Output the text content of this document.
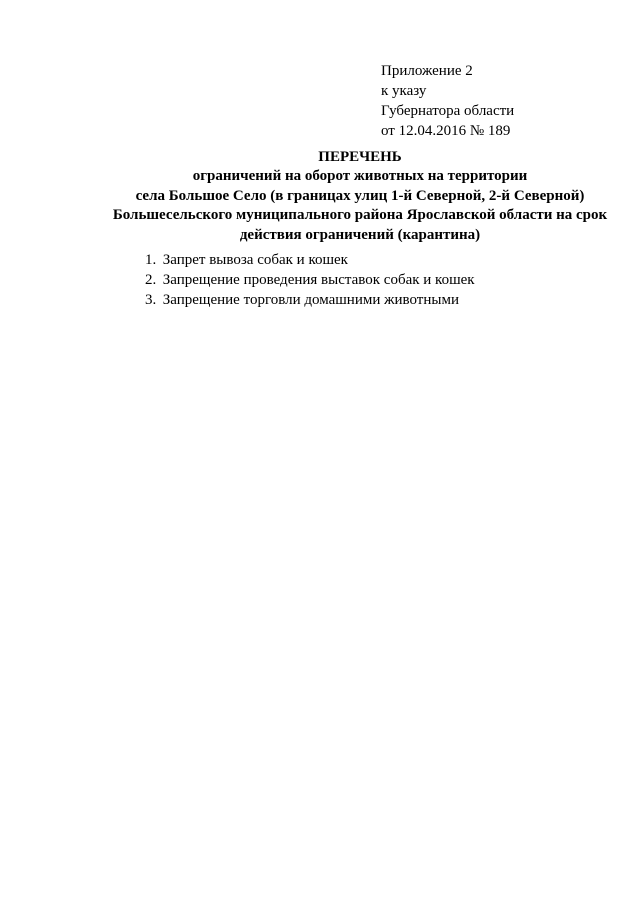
Приложение 2
к указу
Губернатора области
от 12.04.2016 № 189
ПЕРЕЧЕНЬ
ограничений на оборот животных на территории
села Большое Село (в границах улиц 1-й Северной, 2-й Северной)
Большесельского муниципального района Ярославской области на срок
действия ограничений (карантина)
1. Запрет вывоза собак и кошек
2. Запрещение проведения выставок собак и кошек
3. Запрещение торговли домашними животными
